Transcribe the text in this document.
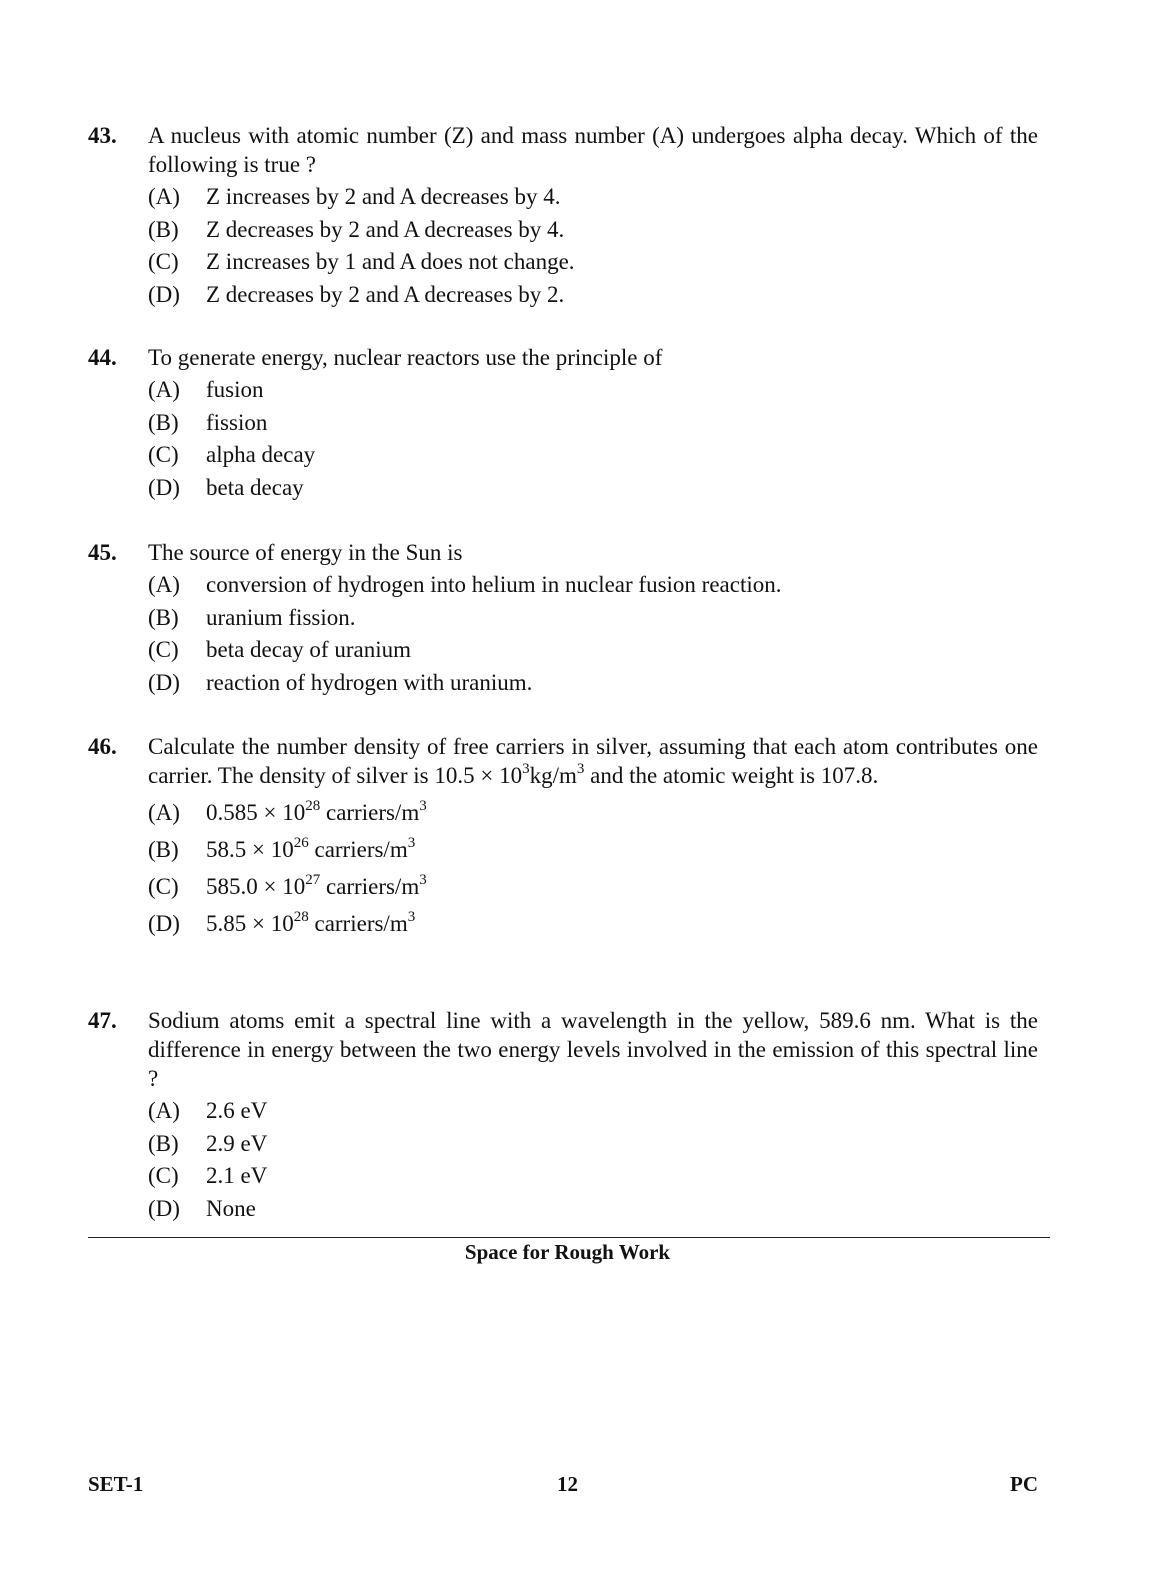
43. A nucleus with atomic number (Z) and mass number (A) undergoes alpha decay. Which of the following is true ?
(A)	Z increases by 2 and A decreases by 4.
(B)	Z decreases by 2 and A decreases by 4.
(C)	Z increases by 1 and A does not change.
(D)	Z decreases by 2 and A decreases by 2.
44. To generate energy, nuclear reactors use the principle of
(A)	fusion
(B)	fission
(C)	alpha decay
(D)	beta decay
45. The source of energy in the Sun is
(A)	conversion of hydrogen into helium in nuclear fusion reaction.
(B)	uranium fission.
(C)	beta decay of uranium
(D)	reaction of hydrogen with uranium.
46. Calculate the number density of free carriers in silver, assuming that each atom contributes one carrier. The density of silver is $10.5 \times 10^3kg/m^3$ and the atomic weight is 107.8.
(A)	$0.585 \times 10^{28}$ carriers/$m^3$
(B)	$58.5 \times 10^{26}$ carriers/$m^3$
(C)	$585.0 \times 10^{27}$ carriers/$m^3$
(D)	$5.85 \times 10^{28}$ carriers/$m^3$
47. Sodium atoms emit a spectral line with a wavelength in the yellow, 589.6 nm. What is the difference in energy between the two energy levels involved in the emission of this spectral line ?
(A)	2.6 eV
(B)	2.9 eV
(C)	2.1 eV
(D)	None
Space for Rough Work
SET-1	12	PC
